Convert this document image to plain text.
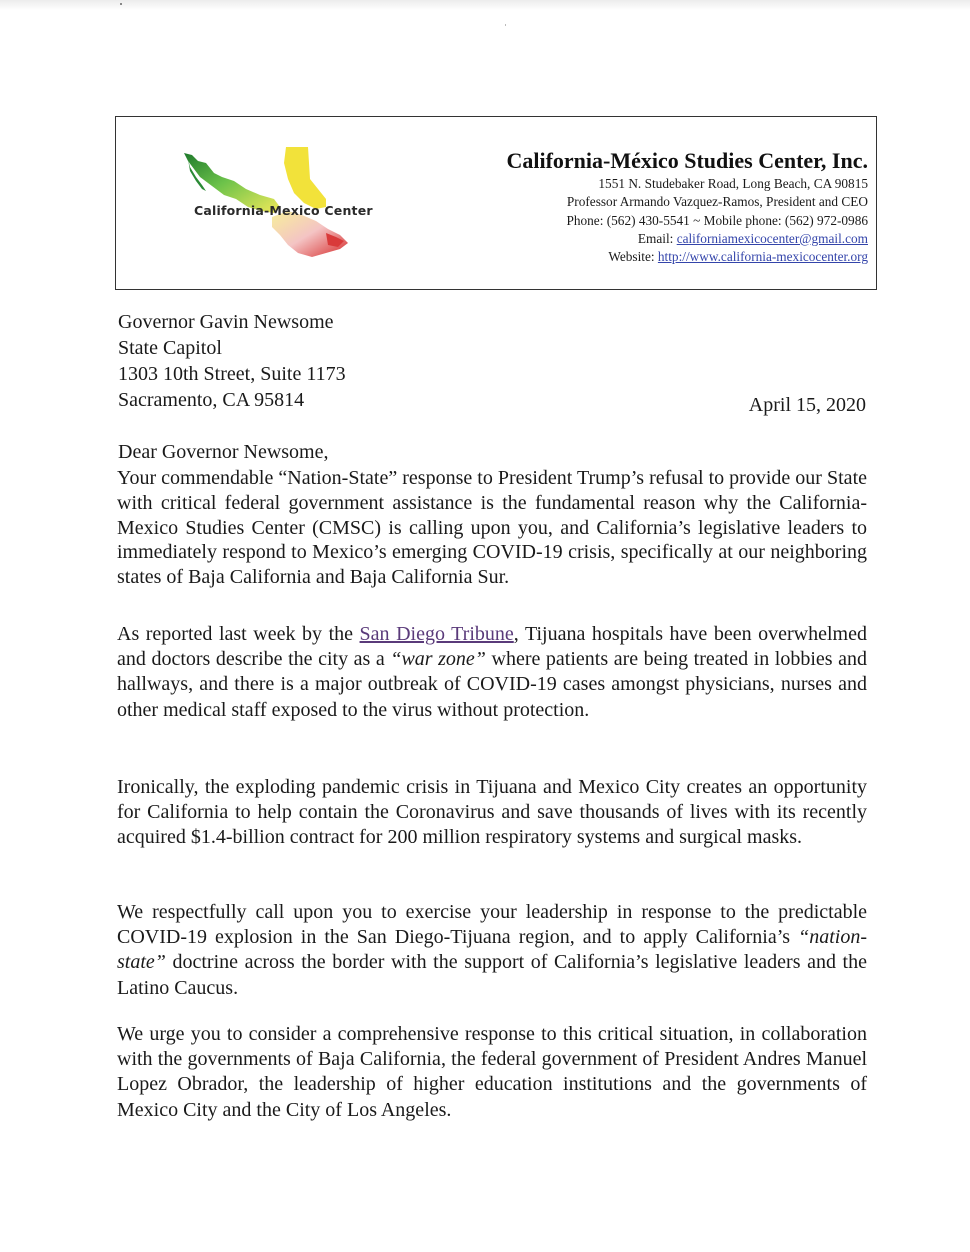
California-Mexico Center
California-México Studies Center, Inc.
1551 N. Studebaker Road, Long Beach, CA 90815
Professor Armando Vazquez-Ramos, President and CEO
Phone: (562) 430-5541 ~ Mobile phone: (562) 972-0986
Email: californiamexicocenter@gmail.com
Website: http://www.california-mexicocenter.org
Governor Gavin Newsome
State Capitol
1303 10th Street, Suite 1173
Sacramento, CA 95814	April 15, 2020
Dear Governor Newsome,

Your commendable “Nation-State” response to President Trump’s refusal to provide our State with critical federal government assistance is the fundamental reason why the California-Mexico Studies Center (CMSC) is calling upon you, and California’s legislative leaders to immediately respond to Mexico’s emerging COVID-19 crisis, specifically at our neighboring states of Baja California and Baja California Sur.

As reported last week by the San Diego Tribune, Tijuana hospitals have been overwhelmed and doctors describe the city as a “war zone” where patients are being treated in lobbies and hallways, and there is a major outbreak of COVID-19 cases amongst physicians, nurses and other medical staff exposed to the virus without protection.

Ironically, the exploding pandemic crisis in Tijuana and Mexico City creates an opportunity for California to help contain the Coronavirus and save thousands of lives with its recently acquired $1.4-billion contract for 200 million respiratory systems and surgical masks.

We respectfully call upon you to exercise your leadership in response to the predictable COVID-19 explosion in the San Diego-Tijuana region, and to apply California’s “nation-state” doctrine across the border with the support of California’s legislative leaders and the Latino Caucus.

We urge you to consider a comprehensive response to this critical situation, in collaboration with the governments of Baja California, the federal government of President Andres Manuel Lopez Obrador, the leadership of higher education institutions and the governments of Mexico City and the City of Los Angeles.
